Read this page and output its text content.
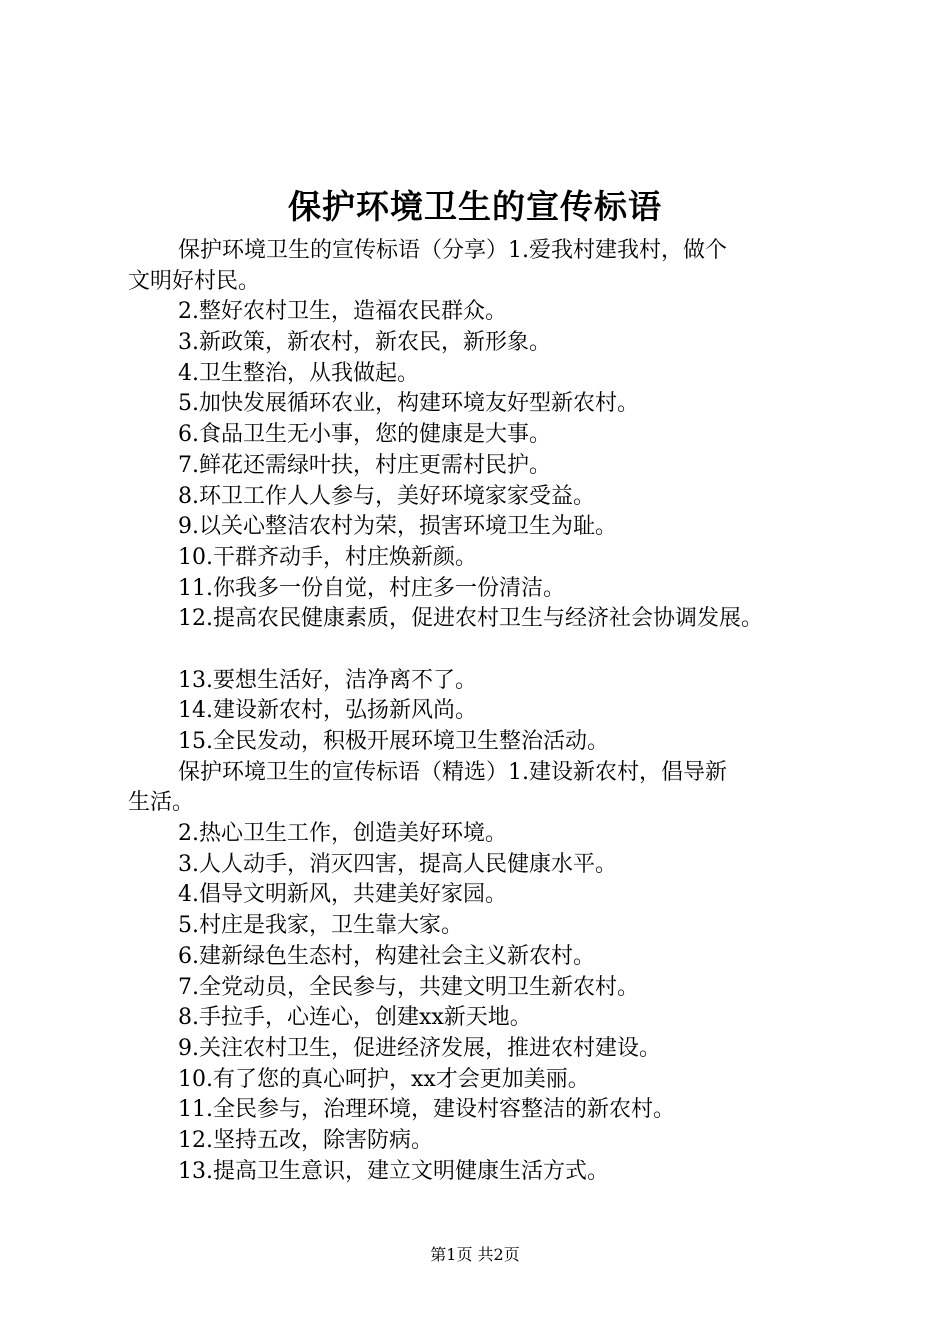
保护环境卫生的宣传标语
保护环境卫生的宣传标语（分享）1.爱我村建我村，做个
文明好村民。
2.整好农村卫生，造福农民群众。
3.新政策，新农村，新农民，新形象。
4.卫生整治，从我做起。
5.加快发展循环农业，构建环境友好型新农村。
6.食品卫生无小事，您的健康是大事。
7.鲜花还需绿叶扶，村庄更需村民护。
8.环卫工作人人参与，美好环境家家受益。
9.以关心整洁农村为荣，损害环境卫生为耻。
10.干群齐动手，村庄焕新颜。
11.你我多一份自觉，村庄多一份清洁。
12.提高农民健康素质，促进农村卫生与经济社会协调发展。
13.要想生活好，洁净离不了。
14.建设新农村，弘扬新风尚。
15.全民发动，积极开展环境卫生整治活动。
保护环境卫生的宣传标语（精选）1.建设新农村，倡导新
生活。
2.热心卫生工作，创造美好环境。
3.人人动手，消灭四害，提高人民健康水平。
4.倡导文明新风，共建美好家园。
5.村庄是我家，卫生靠大家。
6.建新绿色生态村，构建社会主义新农村。
7.全党动员，全民参与，共建文明卫生新农村。
8.手拉手，心连心，创建xx新天地。
9.关注农村卫生，促进经济发展，推进农村建设。
10.有了您的真心呵护，xx才会更加美丽。
11.全民参与，治理环境，建设村容整洁的新农村。
12.坚持五改，除害防病。
13.提高卫生意识，建立文明健康生活方式。
第1页 共2页
